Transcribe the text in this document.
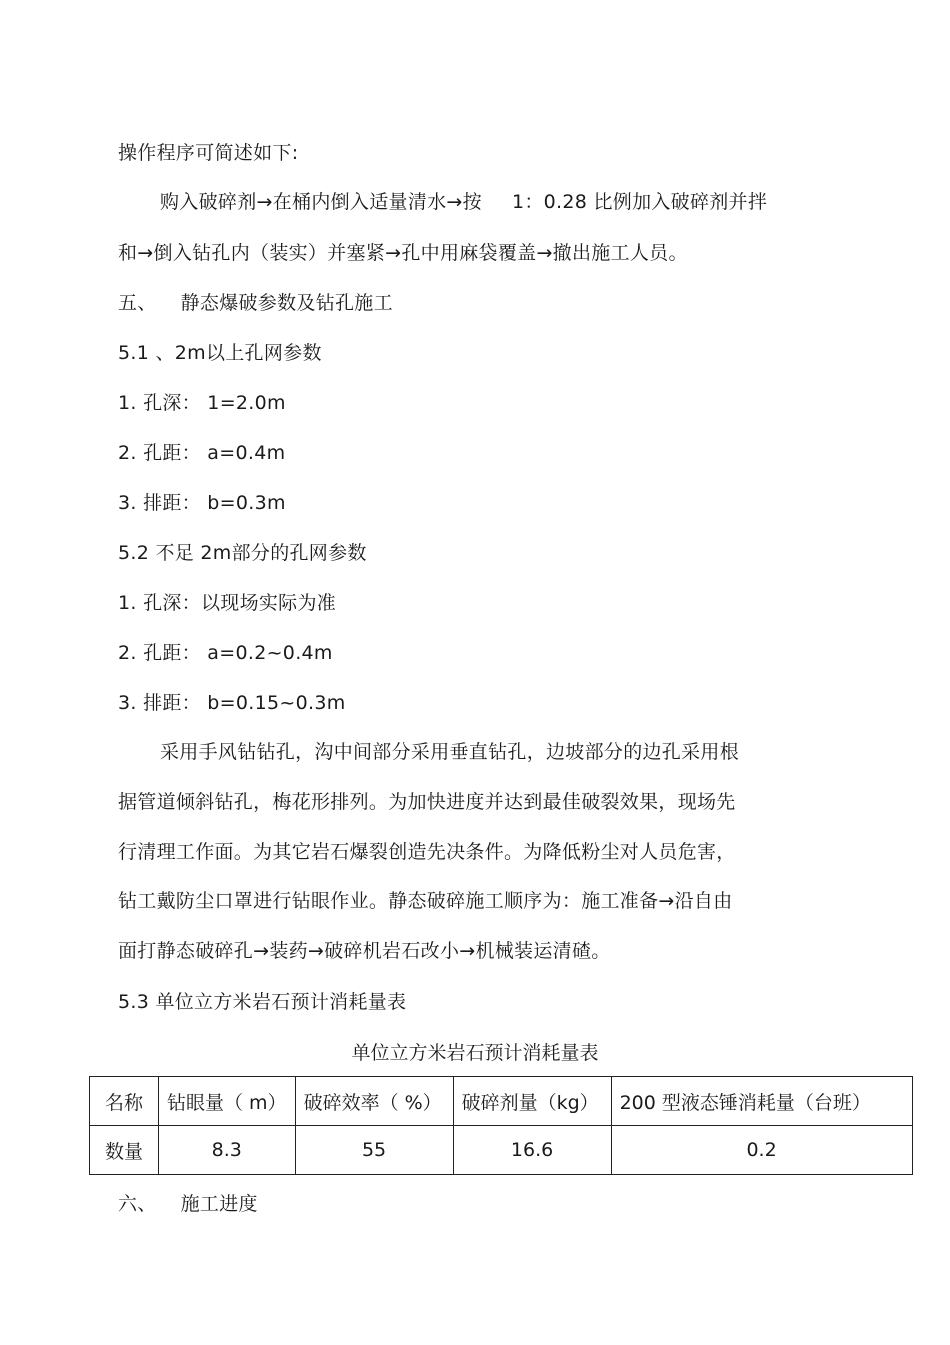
操作程序可简述如下:
购入破碎剂→在桶内倒入适量清水→按 1：0.28 比例加入破碎剂并拌
和→倒入钻孔内（装实）并塞紧→孔中用麻袋覆盖→撤出施工人员。
五、 静态爆破参数及钻孔施工
5.1 、2m以上孔网参数
1. 孔深： 1=2.0m
2. 孔距： a=0.4m
3. 排距： b=0.3m
5.2 不足 2m部分的孔网参数
1. 孔深：以现场实际为准
2. 孔距： a=0.2~0.4m
3. 排距： b=0.15~0.3m
采用手风钻钻孔，沟中间部分采用垂直钻孔，边坡部分的边孔采用根
据管道倾斜钻孔，梅花形排列。为加快进度并达到最佳破裂效果，现场先
行清理工作面。为其它岩石爆裂创造先决条件。为降低粉尘对人员危害，
钻工戴防尘口罩进行钻眼作业。静态破碎施工顺序为：施工准备→沿自由
面打静态破碎孔→装药→破碎机岩石改小→机械装运清碴。
5.3 单位立方米岩石预计消耗量表
单位立方米岩石预计消耗量表
名称	钻眼量（ m）	破碎效率（ %）	破碎剂量（kg）	200 型液态锤消耗量（台班）
数量	8.3	55	16.6	0.2
六、 施工进度
